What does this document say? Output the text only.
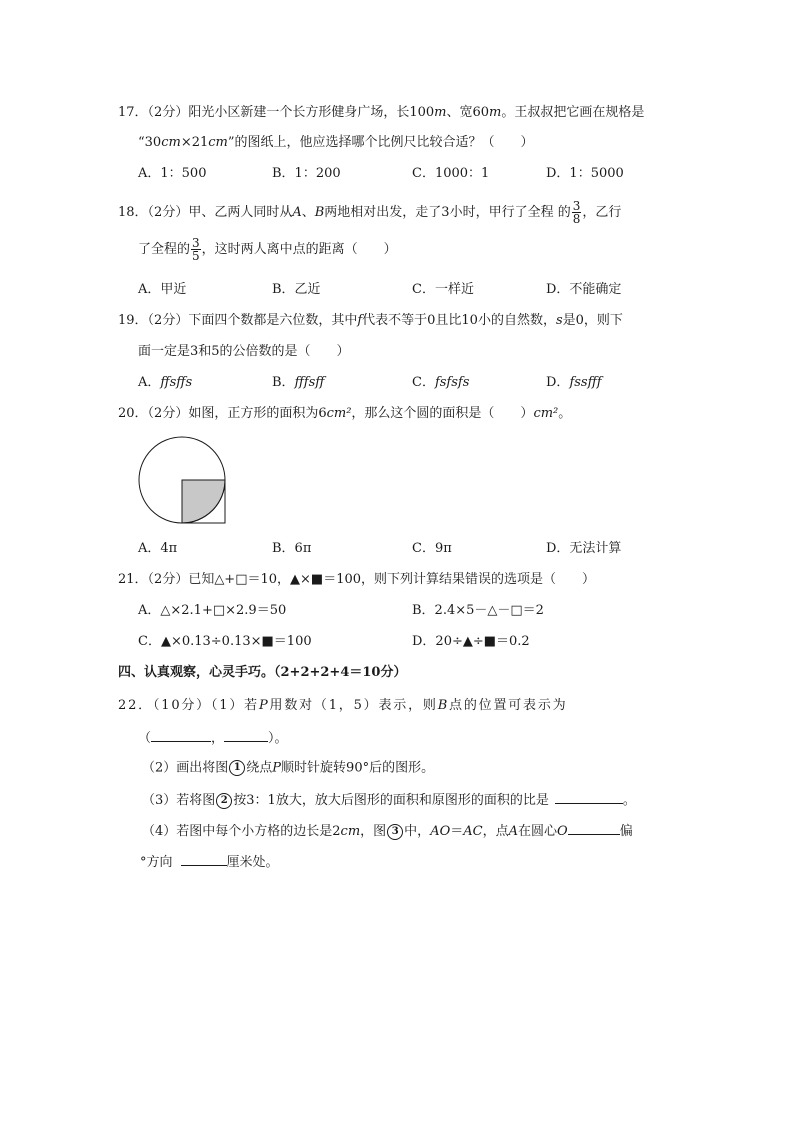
17．（2分）阳光小区新建一个长方形健身广场，长100m、宽60m。王叔叔把它画在规格是
“30cm×21cm”的图纸上，他应选择哪个比例尺比较合适？（　　）
A．1：500	B．1：200	C．1000：1	D．1：5000
18．（2分）甲、乙两人同时从A、B两地相对出发，走了3小时，甲行了全程 的 $\frac{3}{8}$ ，乙行
了全程的 $\frac{3}{5}$ ，这时两人离中点的距离（　　）
A．甲近	B．乙近	C．一样近	D．不能确定
19．（2分）下面四个数都是六位数，其中f代表不等于0且比10小的自然数，s是0，则下
面一定是3和5的公倍数的是（　　）
A．ffsffs	B．fffsff	C．fsfsfs	D．fssfff
20．（2分）如图，正方形的面积为6cm²，那么这个圆的面积是（　　）cm²。
A．4π	B．6π	C．9π	D．无法计算
21．（2分）已知△+□＝10，▲×■＝100，则下列计算结果错误的选项是（　　）
A．△×2.1+□×2.9＝50	B．2.4×5－△－□＝2
C．▲×0.13÷0.13×■＝100	D．20÷▲÷■＝0.2
四、认真观察，心灵手巧。（2+2+2+4＝10分）
22．（10分）（1）若P用数对（1，5）表示，则B点的位置可表示为
（	，	）。
（2）画出将图 1 绕点P顺时针旋转90°后的图形。
（3）若将图 2 按3：1放大，放大后图形的面积和原图形的面积的比是	。
（4）若图中每个小方格的边长是2cm，图 3 中，AO＝AC，点A在圆心O	偏
°方向	厘米处。
